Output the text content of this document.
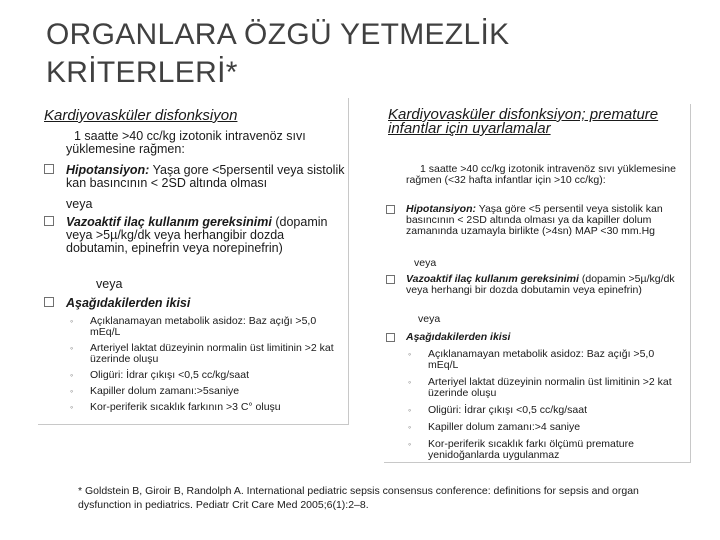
ORGANLARA ÖZGÜ YETMEZLİK
KRİTERLERİ*
Kardiyovasküler disfonksiyon
1 saatte >40 cc/kg izotonik intravenöz sıvı yüklemesine rağmen:
Hipotansiyon: Yaşa gore <5persentil veya sistolik kan basıncının < 2SD altında olması
veya
Vazoaktif ilaç kullanım gereksinimi (dopamin veya >5µ/kg/dk veya herhangibir dozda dobutamin, epinefrin veya norepinefrin)
veya
Aşağıdakilerden ikisi
◦ Açıklanamayan metabolik asidoz: Baz açığı >5,0 mEq/L
◦ Arteriyel laktat düzeyinin normalin üst limitinin >2 kat üzerinde oluşu
◦ Oligüri: İdrar çıkışı <0,5 cc/kg/saat
◦ Kapiller dolum zamanı:>5saniye
◦ Kor-periferik sıcaklık farkının >3 C° oluşu
Kardiyovasküler disfonksiyon; premature infantlar için uyarlamalar
1 saatte >40 cc/kg izotonik intravenöz sıvı yüklemesine rağmen (<32 hafta infantlar için >10 cc/kg):
Hipotansiyon: Yaşa göre <5 persentil veya sistolik kan basıncının < 2SD altında olması ya da kapiller dolum zamanında uzamayla birlikte (>4sn) MAP <30 mm.Hg
veya
Vazoaktif ilaç kullanım gereksinimi (dopamin >5µ/kg/dk veya herhangi bir dozda dobutamin veya epinefrin)
veya
Aşağıdakilerden ikisi
◦ Açıklanamayan metabolik asidoz: Baz açığı >5,0 mEq/L
◦ Arteriyel laktat düzeyinin normalin üst limitinin >2 kat üzerinde oluşu
◦ Oligüri: İdrar çıkışı <0,5 cc/kg/saat
◦ Kapiller dolum zamanı:>4 saniye
◦ Kor-periferik sıcaklık farkı ölçümü premature yenidoğanlarda uygulanmaz
* Goldstein B, Giroir B, Randolph A. International pediatric sepsis consensus conference: definitions for sepsis and organ dysfunction in pediatrics. Pediatr Crit Care Med 2005;6(1):2–8.
